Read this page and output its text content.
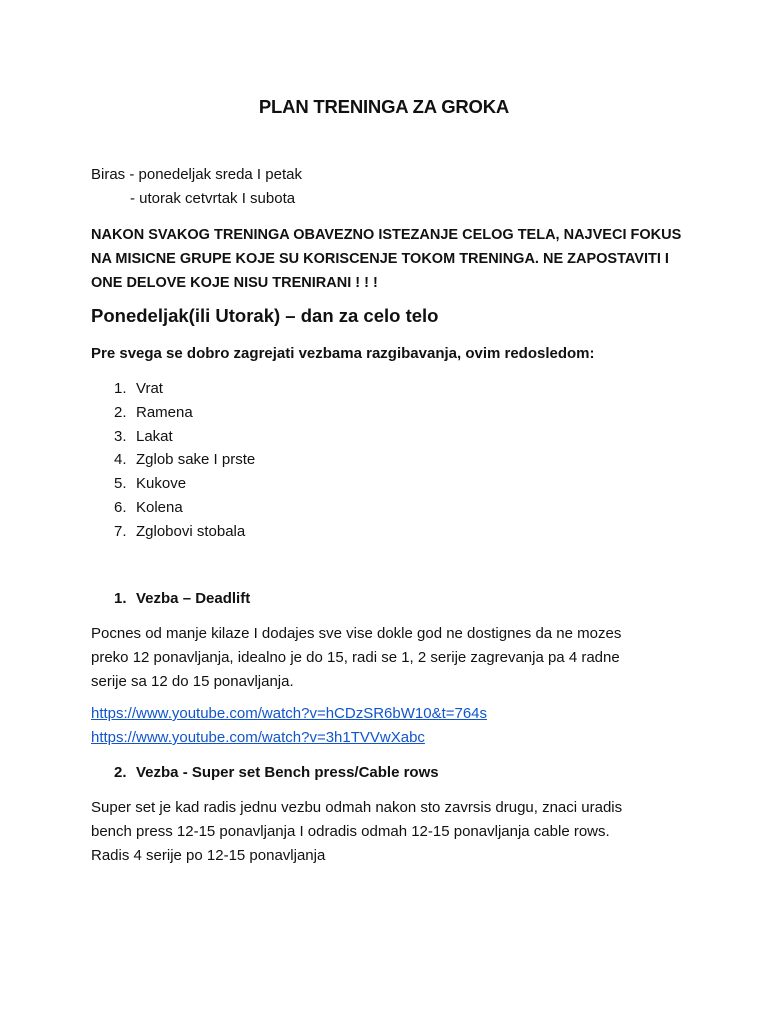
PLAN TRENINGA ZA GROKA
Biras - ponedeljak sreda I petak
- utorak cetvrtak I subota
NAKON SVAKOG TRENINGA OBAVEZNO ISTEZANJE CELOG TELA, NAJVECI FOKUS
NA MISICNE GRUPE KOJE SU KORISCENJE TOKOM TRENINGA. NE ZAPOSTAVITI I
ONE DELOVE KOJE NISU TRENIRANI ! ! !
Ponedeljak(ili Utorak) – dan za celo telo
Pre svega se dobro zagrejati vezbama razgibavanja, ovim redosledom:
1. Vrat
2. Ramena
3. Lakat
4. Zglob sake I prste
5. Kukove
6. Kolena
7. Zglobovi stobala
1. Vezba – Deadlift
Pocnes od manje kilaze I dodajes sve vise dokle god ne dostignes da ne mozes
preko 12 ponavljanja, idealno je do 15, radi se 1, 2 serije zagrevanja pa 4 radne
serije sa 12 do 15 ponavljanja.
https://www.youtube.com/watch?v=hCDzSR6bW10&t=764s
https://www.youtube.com/watch?v=3h1TVVwXabc
2. Vezba - Super set Bench press/Cable rows
Super set je kad radis jednu vezbu odmah nakon sto zavrsis drugu, znaci uradis
bench press 12-15 ponavljanja I odradis odmah 12-15 ponavljanja cable rows.
Radis 4 serije po 12-15 ponavljanja
